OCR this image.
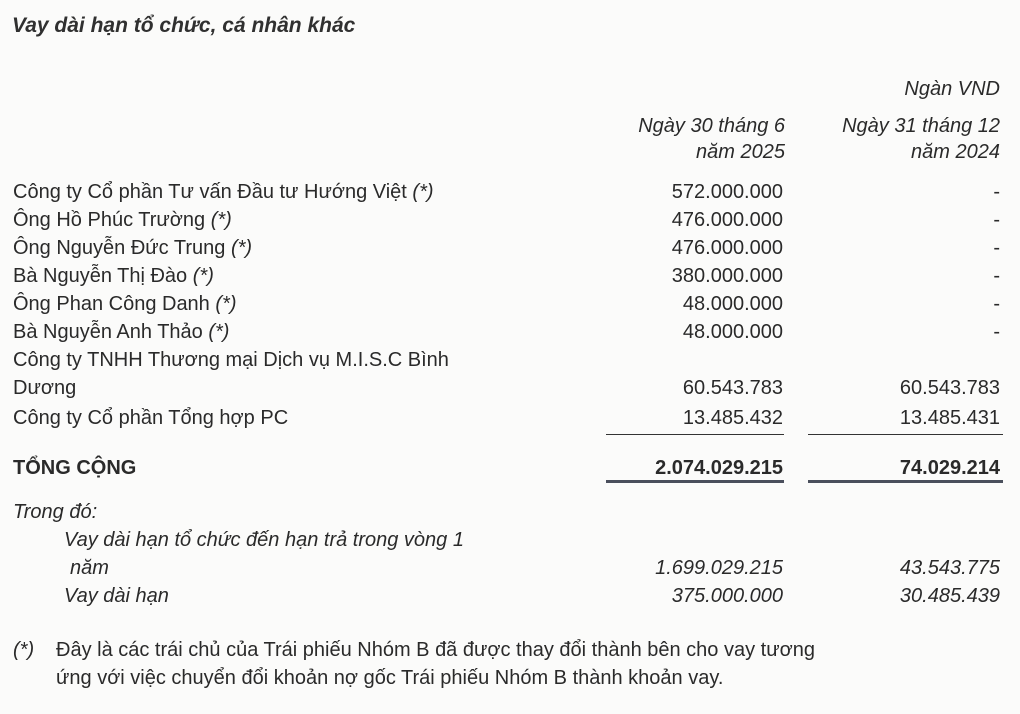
Vay dài hạn tổ chức, cá nhân khác
Ngàn VND
Ngày 30 tháng 6
năm 2025
Ngày 31 tháng 12
năm 2024
Công ty Cổ phần Tư vấn Đầu tư Hướng Việt (*)	572.000.000	-
Ông Hồ Phúc Trường (*)	476.000.000	-
Ông Nguyễn Đức Trung (*)	476.000.000	-
Bà Nguyễn Thị Đào (*)	380.000.000	-
Ông Phan Công Danh (*)	48.000.000	-
Bà Nguyễn Anh Thảo (*)	48.000.000	-
Công ty TNHH Thương mại Dịch vụ M.I.S.C Bình
Dương	60.543.783	60.543.783
Công ty Cổ phần Tổng hợp PC	13.485.432	13.485.431
TỔNG CỘNG	2.074.029.215	74.029.214
Trong đó:
Vay dài hạn tổ chức đến hạn trả trong vòng 1
năm	1.699.029.215	43.543.775
Vay dài hạn	375.000.000	30.485.439
(*) Đây là các trái chủ của Trái phiếu Nhóm B đã được thay đổi thành bên cho vay tương
ứng với việc chuyển đổi khoản nợ gốc Trái phiếu Nhóm B thành khoản vay.
